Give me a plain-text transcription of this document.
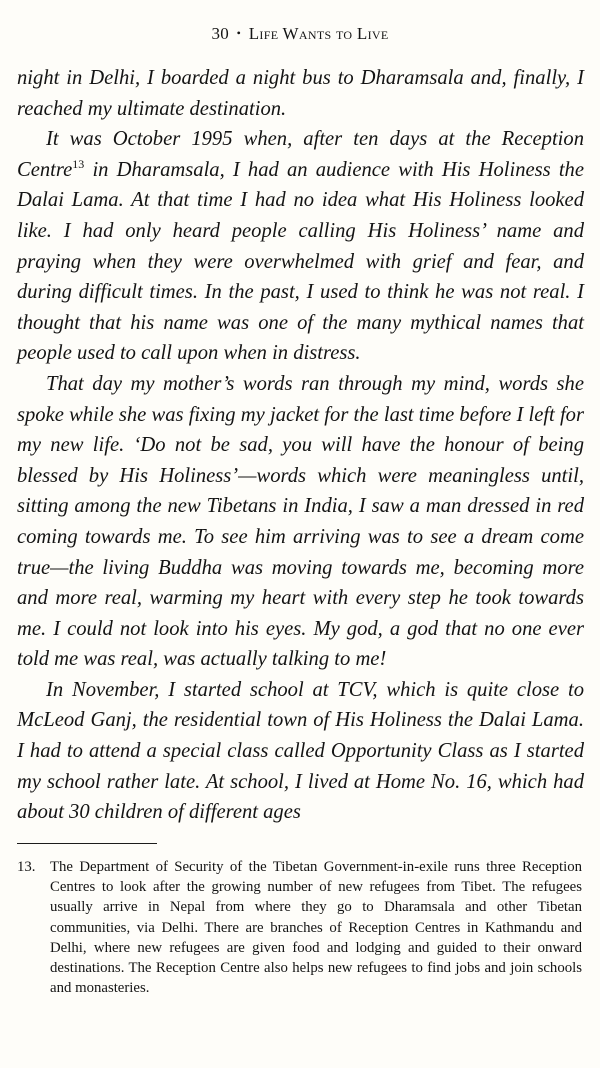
30 • Life Wants to Live

night in Delhi, I boarded a night bus to Dharamsala and, finally, I reached my ultimate destination.

It was October 1995 when, after ten days at the Reception Centre$^{13}$ in Dharamsala, I had an audience with His Holiness the Dalai Lama. At that time I had no idea what His Holiness looked like. I had only heard people calling His Holiness’ name and praying when they were overwhelmed with grief and fear, and during difficult times. In the past, I used to think he was not real. I thought that his name was one of the many mythical names that people used to call upon when in distress.

That day my mother’s words ran through my mind, words she spoke while she was fixing my jacket for the last time before I left for my new life. ‘Do not be sad, you will have the honour of being blessed by His Holiness’—words which were meaningless until, sitting among the new Tibetans in India, I saw a man dressed in red coming towards me. To see him arriving was to see a dream come true—the living Buddha was moving towards me, becoming more and more real, warming my heart with every step he took towards me. I could not look into his eyes. My god, a god that no one ever told me was real, was actually talking to me!

In November, I started school at TCV, which is quite close to McLeod Ganj, the residential town of His Holiness the Dalai Lama. I had to attend a special class called Opportunity Class as I started my school rather late. At school, I lived at Home No. 16, which had about 30 children of different ages

13. The Department of Security of the Tibetan Government-in-exile runs three Reception Centres to look after the growing number of new refugees from Tibet. The refugees usually arrive in Nepal from where they go to Dharamsala and other Tibetan communities, via Delhi. There are branches of Reception Centres in Kathmandu and Delhi, where new refugees are given food and lodging and guided to their onward destinations. The Reception Centre also helps new refugees to find jobs and join schools and monasteries.
